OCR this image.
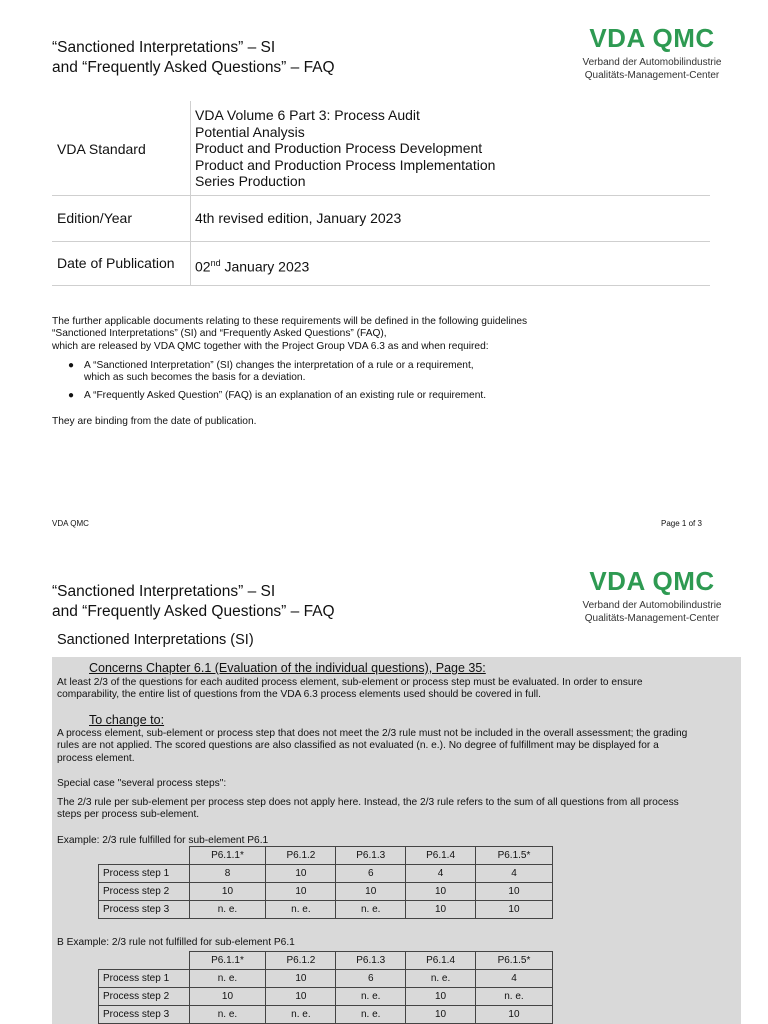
“Sanctioned Interpretations” – SI
and “Frequently Asked Questions” – FAQ
VDA QMC
Verband der Automobilindustrie
Qualitäts-Management-Center
VDA Standard
VDA Volume 6 Part 3: Process Audit
Potential Analysis
Product and Production Process Development
Product and Production Process Implementation
Series Production
Edition/Year	4th revised edition, January 2023
Date of Publication 02nd January 2023
The further applicable documents relating to these requirements will be defined in the following guidelines
“Sanctioned Interpretations” (SI) and “Frequently Asked Questions” (FAQ),
which are released by VDA QMC together with the Project Group VDA 6.3 as and when required:
● A “Sanctioned Interpretation” (SI) changes the interpretation of a rule or a requirement,
which as such becomes the basis for a deviation.
● A “Frequently Asked Question” (FAQ) is an explanation of an existing rule or requirement.
They are binding from the date of publication.
VDA QMC	Page 1 of 3
“Sanctioned Interpretations” – SI
and “Frequently Asked Questions” – FAQ
VDA QMC
Verband der Automobilindustrie
Qualitäts-Management-Center
Sanctioned Interpretations (SI)
Concerns Chapter 6.1 (Evaluation of the individual questions), Page 35:
At least 2/3 of the questions for each audited process element, sub-element or process step must be evaluated. In order to ensure
comparability, the entire list of questions from the VDA 6.3 process elements used should be covered in full.
To change to:
A process element, sub-element or process step that does not meet the 2/3 rule must not be included in the overall assessment; the grading
rules are not applied. The scored questions are also classified as not evaluated (n. e.). No degree of fulfillment may be displayed for a
process element.
Special case "several process steps":
The 2/3 rule per sub-element per process step does not apply here. Instead, the 2/3 rule refers to the sum of all questions from all process
steps per process sub-element.
Example: 2/3 rule fulfilled for sub-element P6.1
	P6.1.1*	P6.1.2	P6.1.3	P6.1.4	P6.1.5*
Process step 1	8	10	6	4	4
Process step 2	10	10	10	10	10
Process step 3	n. e.	n. e.	n. e.	10	10
B Example: 2/3 rule not fulfilled for sub-element P6.1
	P6.1.1*	P6.1.2	P6.1.3	P6.1.4	P6.1.5*
Process step 1	n. e.	10	6	n. e.	4
Process step 2	10	10	n. e.	10	n. e.
Process step 3	n. e.	n. e.	n. e.	10	10
